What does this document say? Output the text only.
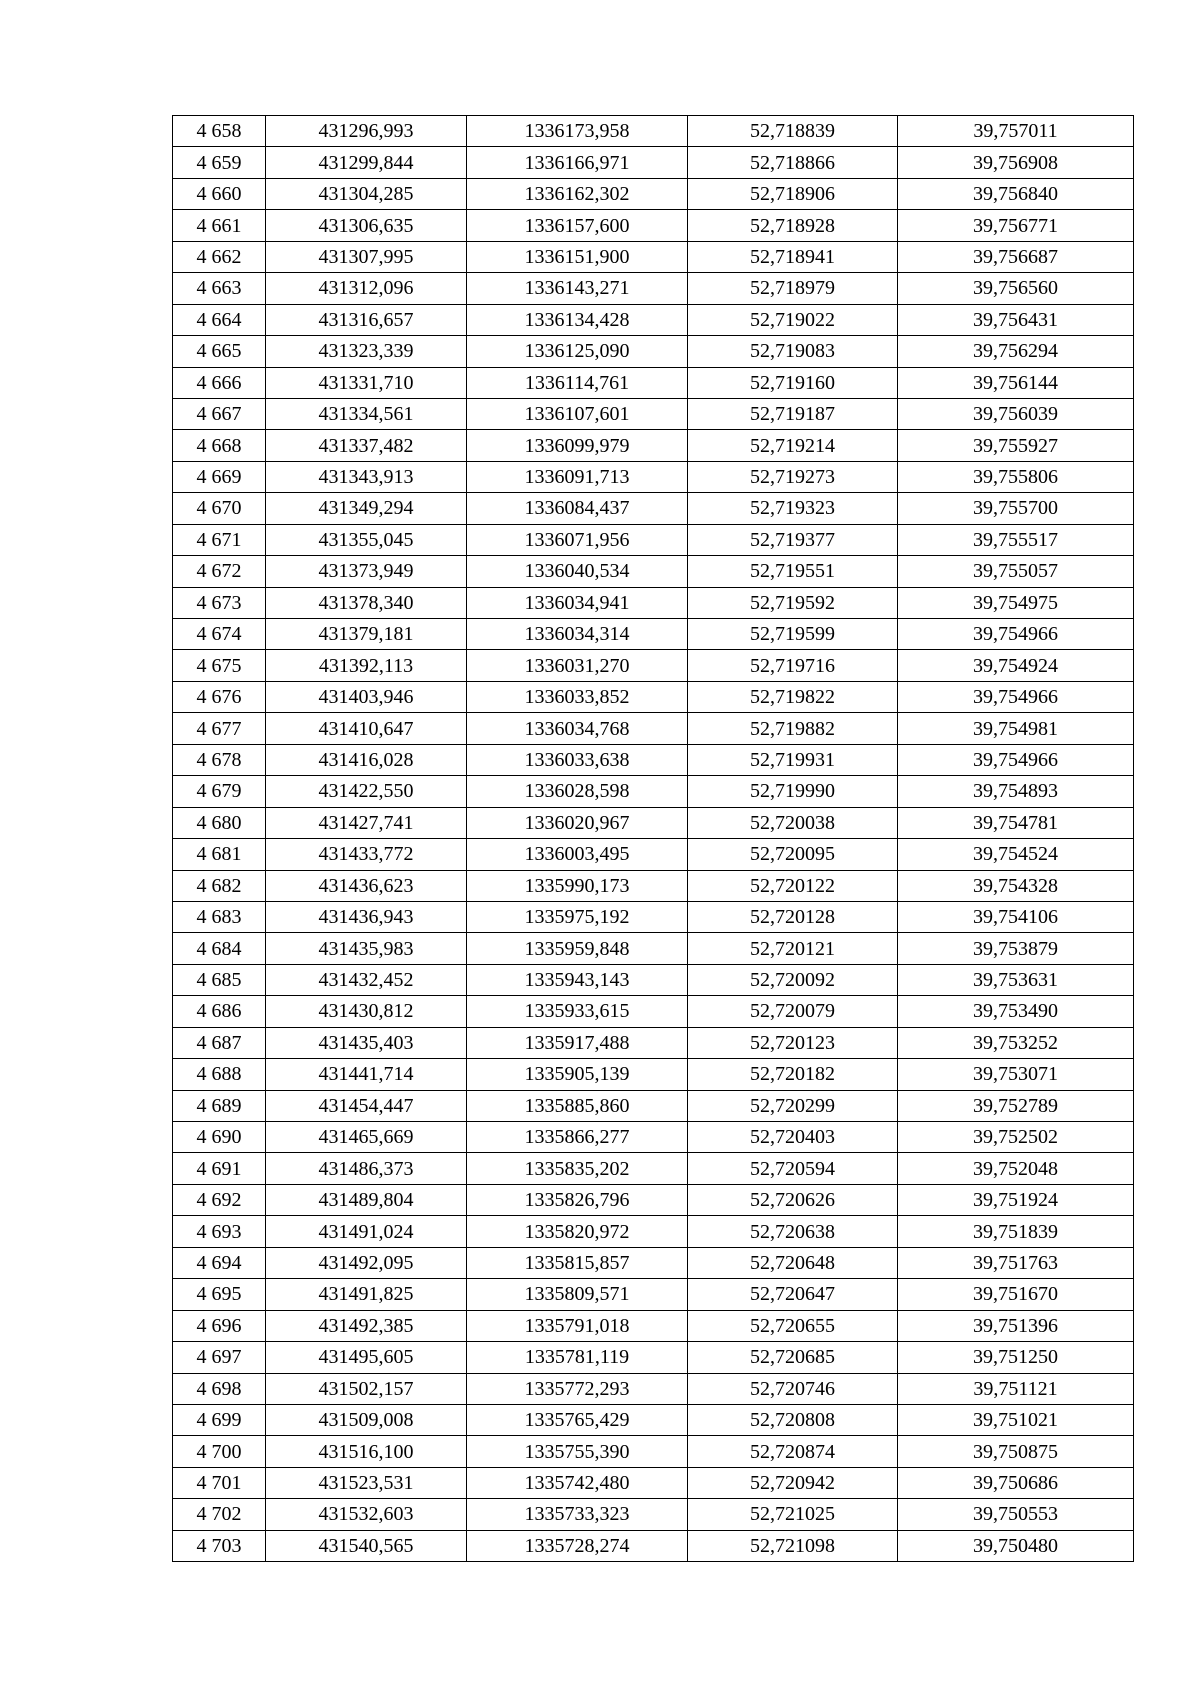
4 658	431296,993	1336173,958	52,718839	39,757011
4 659	431299,844	1336166,971	52,718866	39,756908
4 660	431304,285	1336162,302	52,718906	39,756840
4 661	431306,635	1336157,600	52,718928	39,756771
4 662	431307,995	1336151,900	52,718941	39,756687
4 663	431312,096	1336143,271	52,718979	39,756560
4 664	431316,657	1336134,428	52,719022	39,756431
4 665	431323,339	1336125,090	52,719083	39,756294
4 666	431331,710	1336114,761	52,719160	39,756144
4 667	431334,561	1336107,601	52,719187	39,756039
4 668	431337,482	1336099,979	52,719214	39,755927
4 669	431343,913	1336091,713	52,719273	39,755806
4 670	431349,294	1336084,437	52,719323	39,755700
4 671	431355,045	1336071,956	52,719377	39,755517
4 672	431373,949	1336040,534	52,719551	39,755057
4 673	431378,340	1336034,941	52,719592	39,754975
4 674	431379,181	1336034,314	52,719599	39,754966
4 675	431392,113	1336031,270	52,719716	39,754924
4 676	431403,946	1336033,852	52,719822	39,754966
4 677	431410,647	1336034,768	52,719882	39,754981
4 678	431416,028	1336033,638	52,719931	39,754966
4 679	431422,550	1336028,598	52,719990	39,754893
4 680	431427,741	1336020,967	52,720038	39,754781
4 681	431433,772	1336003,495	52,720095	39,754524
4 682	431436,623	1335990,173	52,720122	39,754328
4 683	431436,943	1335975,192	52,720128	39,754106
4 684	431435,983	1335959,848	52,720121	39,753879
4 685	431432,452	1335943,143	52,720092	39,753631
4 686	431430,812	1335933,615	52,720079	39,753490
4 687	431435,403	1335917,488	52,720123	39,753252
4 688	431441,714	1335905,139	52,720182	39,753071
4 689	431454,447	1335885,860	52,720299	39,752789
4 690	431465,669	1335866,277	52,720403	39,752502
4 691	431486,373	1335835,202	52,720594	39,752048
4 692	431489,804	1335826,796	52,720626	39,751924
4 693	431491,024	1335820,972	52,720638	39,751839
4 694	431492,095	1335815,857	52,720648	39,751763
4 695	431491,825	1335809,571	52,720647	39,751670
4 696	431492,385	1335791,018	52,720655	39,751396
4 697	431495,605	1335781,119	52,720685	39,751250
4 698	431502,157	1335772,293	52,720746	39,751121
4 699	431509,008	1335765,429	52,720808	39,751021
4 700	431516,100	1335755,390	52,720874	39,750875
4 701	431523,531	1335742,480	52,720942	39,750686
4 702	431532,603	1335733,323	52,721025	39,750553
4 703	431540,565	1335728,274	52,721098	39,750480
